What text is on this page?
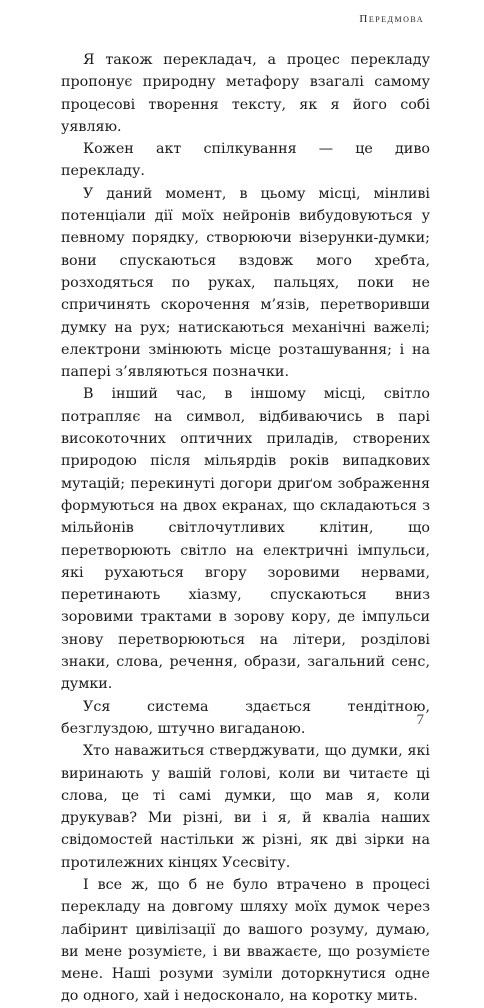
Передмова

Я також перекладач, а процес перекладу пропонує природну метафору взагалі самому процесові творення тексту, як я його собі уявляю.

Кожен акт спілкування — це диво перекладу.

У даний момент, в цьому місці, мінливі потенціали дії моїх нейронів вибудовуються у певному порядку, створюючи візерунки-думки; вони спускаються вздовж мого хребта, розходяться по руках, пальцях, поки не спричинять скорочення м’язів, перетворивши думку на рух; натискаються механічні важелі; електрони змінюють місце розташування; і на папері з’являються позначки.

В інший час, в іншому місці, світло потрапляє на символ, відбиваючись в парі високоточних оптичних приладів, створених природою після мільярдів років випадкових мутацій; перекинуті догори дриґом зображення формуються на двох екранах, що складаються з мільйонів світлочутливих клітин, що перетворюють світло на електричні імпульси, які рухаються вгору зоровими нервами, перетинають хіазму, спускаються вниз зоровими трактами в зорову кору, де імпульси знову перетворюються на літери, розділові знаки, слова, речення, образи, загальний сенс, думки.

Уся система здається тендітною, безглуздою, штучно вигаданою.

Хто наважиться стверджувати, що думки, які виринають у вашій голові, коли ви читаєте ці слова, це ті самі думки, що мав я, коли друкував? Ми різні, ви і я, й кваліа наших свідомостей настільки ж різні, як дві зірки на протилежних кінцях Усесвіту.

І все ж, що б не було втрачено в процесі перекладу на довгому шляху моїх думок через лабіринт цивілізації до вашого розуму, думаю, ви мене розумієте, і ви вважаєте, що розумієте мене. Наші розуми зуміли доторкнутися одне до одного, хай і недосконало, на коротку мить.

7
